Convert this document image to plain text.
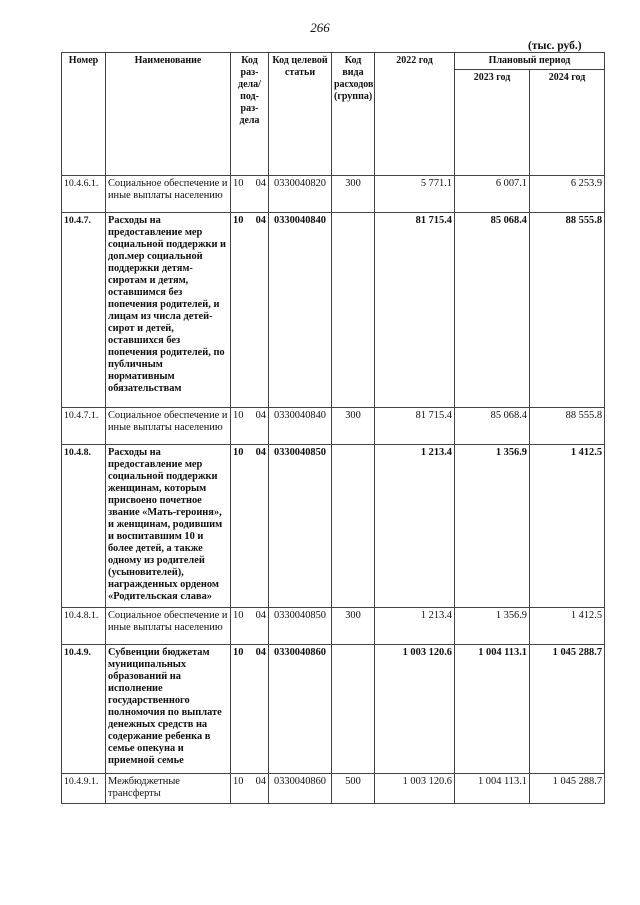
266
(тыс. руб.)
Номер	Наименование	Код раз-дела/ под-раз-дела	Код целевой статьи	Код вида расходов (группа)	2022 год	Плановый период	
						2023 год	2024 год
10.4.6.1.	Социальное обеспечение и иные выплаты населению	10 04	0330040820	300	5 771.1	6 007.1	6 253.9
10.4.7.	Расходы на предоставление мер социальной поддержки и доп.мер социальной поддержки детям-сиротам и детям, оставшимся без попечения родителей, и лицам из числа детей-сирот и детей, оставшихся без попечения родителей, по публичным нормативным обязательствам	10 04	0330040840		81 715.4	85 068.4	88 555.8
10.4.7.1.	Социальное обеспечение и иные выплаты населению	10 04	0330040840	300	81 715.4	85 068.4	88 555.8
10.4.8.	Расходы на предоставление мер социальной поддержки женщинам, которым присвоено почетное звание «Мать-героиня», и женщинам, родившим и воспитавшим 10 и более детей, а также одному из родителей (усыновителей), награжденных орденом «Родительская слава»	10 04	0330040850		1 213.4	1 356.9	1 412.5
10.4.8.1.	Социальное обеспечение и иные выплаты населению	10 04	0330040850	300	1 213.4	1 356.9	1 412.5
10.4.9.	Субвенции бюджетам муниципальных образований на исполнение государственного полномочия по выплате денежных средств на содержание ребенка в семье опекуна и приемной семье	10 04	0330040860		1 003 120.6	1 004 113.1	1 045 288.7
10.4.9.1.	Межбюджетные трансферты	10 04	0330040860	500	1 003 120.6	1 004 113.1	1 045 288.7
